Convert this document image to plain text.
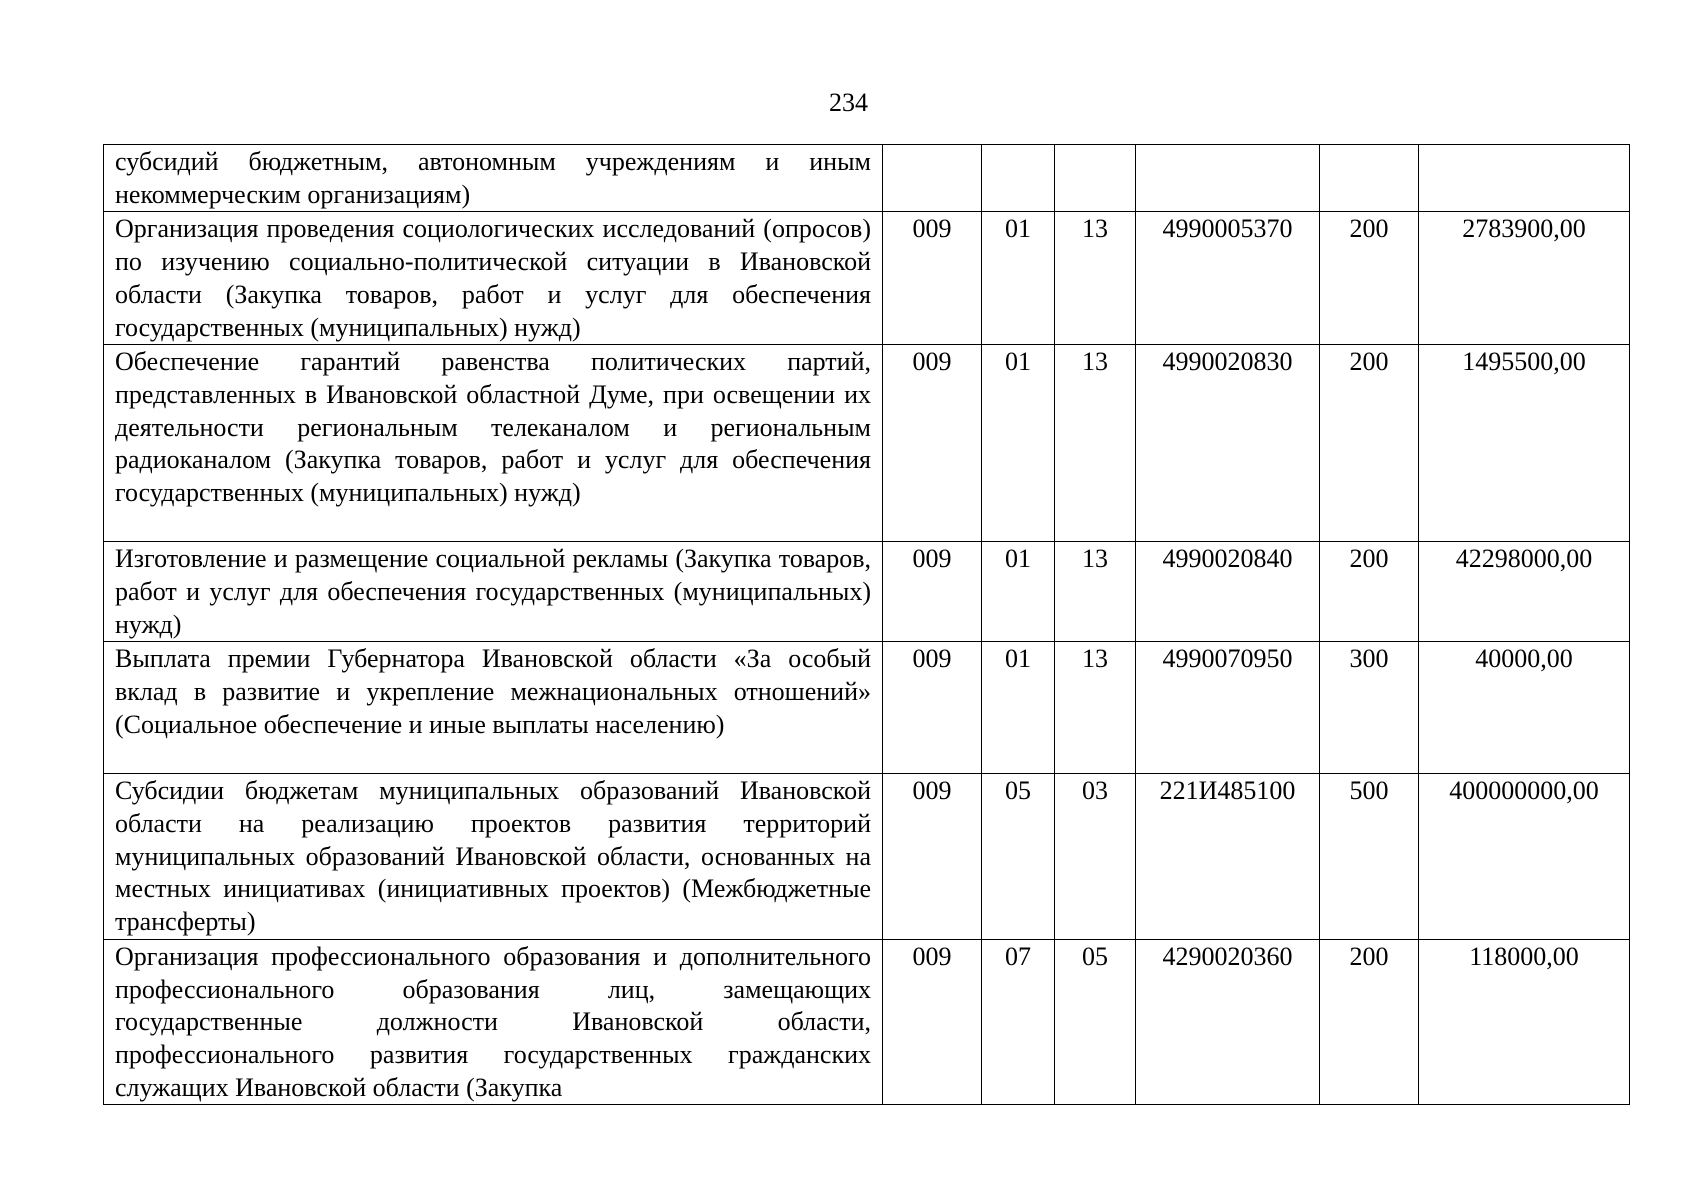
234
субсидий бюджетным, автономным учреждениям и иным некоммерческим организациям)						
Организация проведения социологических исследований (опросов) по изучению социально-политической ситуации в Ивановской области (Закупка товаров, работ и услуг для обеспечения государственных (муниципальных) нужд)	009	01	13	4990005370	200	2783900,00
Обеспечение гарантий равенства политических партий, представленных в Ивановской областной Думе, при освещении их деятельности региональным телеканалом и региональным радиоканалом (Закупка товаров, работ и услуг для обеспечения государственных (муниципальных) нужд)	009	01	13	4990020830	200	1495500,00
Изготовление и размещение социальной рекламы (Закупка товаров, работ и услуг для обеспечения государственных (муниципальных) нужд)	009	01	13	4990020840	200	42298000,00
Выплата премии Губернатора Ивановской области «За особый вклад в развитие и укрепление межнациональных отношений» (Социальное обеспечение и иные выплаты населению)	009	01	13	4990070950	300	40000,00
Субсидии бюджетам муниципальных образований Ивановской области на реализацию проектов развития территорий муниципальных образований Ивановской области, основанных на местных инициативах (инициативных проектов) (Межбюджетные трансферты)	009	05	03	221И485100	500	400000000,00
Организация профессионального образования и дополнительного профессионального образования лиц, замещающих государственные должности Ивановской области, профессионального развития государственных гражданских служащих Ивановской области (Закупка	009	07	05	4290020360	200	118000,00
